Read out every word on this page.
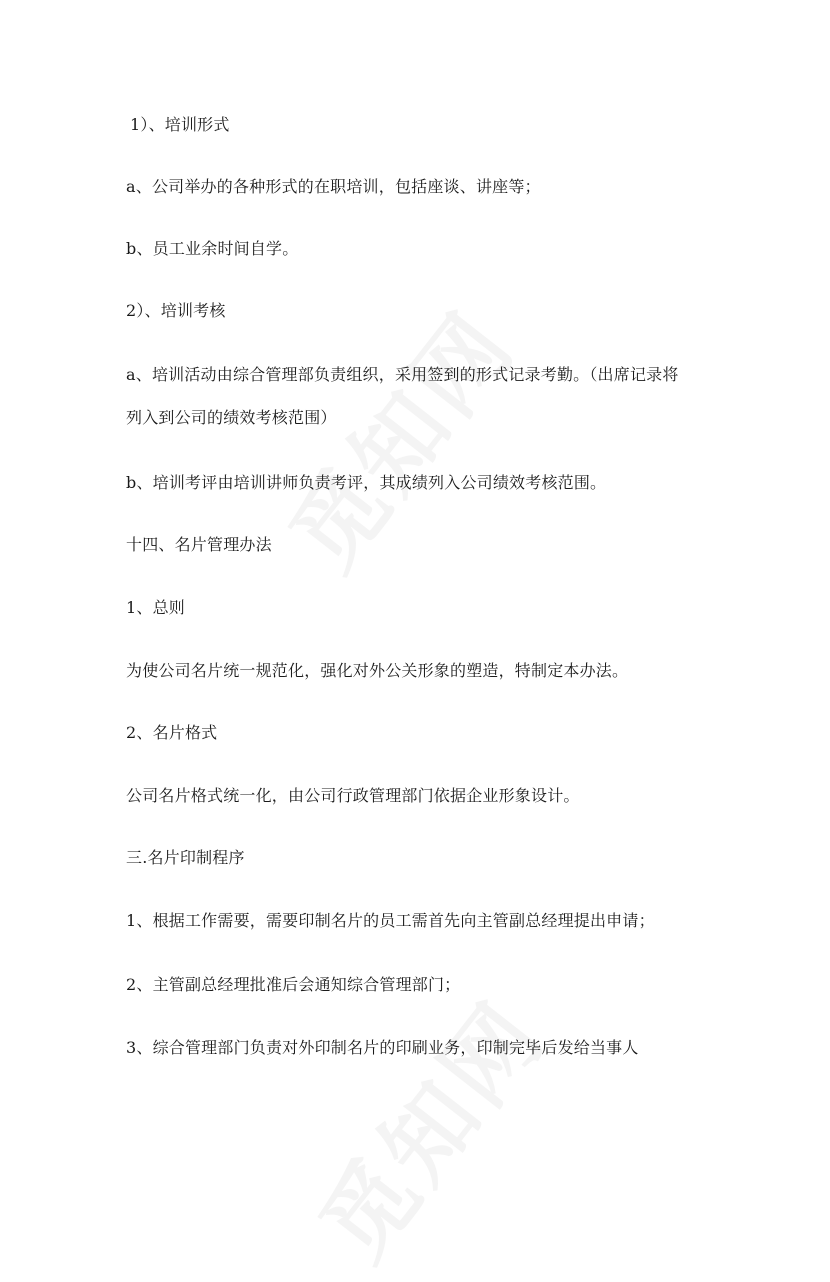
1）、培训形式

a、公司举办的各种形式的在职培训，包括座谈、讲座等；

b、员工业余时间自学。

2）、培训考核

a、培训活动由综合管理部负责组织，采用签到的形式记录考勤。（出席记录将

列入到公司的绩效考核范围）

b、培训考评由培训讲师负责考评，其成绩列入公司绩效考核范围。

十四、名片管理办法

1、总则

为使公司名片统一规范化，强化对外公关形象的塑造，特制定本办法。

2、名片格式

公司名片格式统一化，由公司行政管理部门依据企业形象设计。

三.名片印制程序

1、根据工作需要，需要印制名片的员工需首先向主管副总经理提出申请；

2、主管副总经理批准后会通知综合管理部门；

3、综合管理部门负责对外印制名片的印刷业务，印制完毕后发给当事人
